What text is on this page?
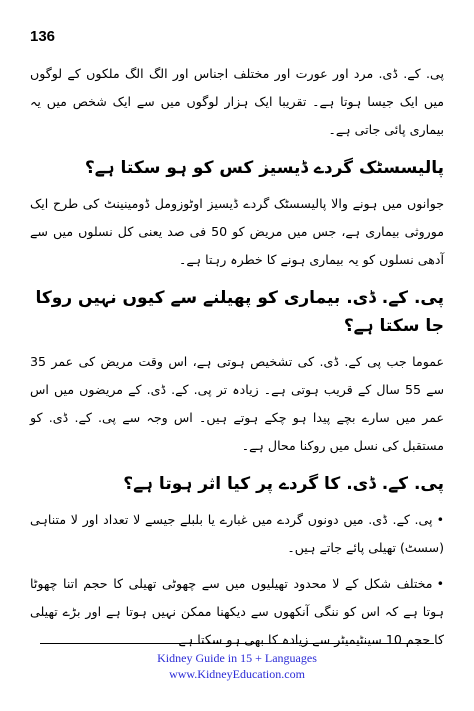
136

پی. کے. ڈی. مرد اور عورت اور مختلف اجناس اور الگ الگ ملکوں کے لوگوں میں ایک جیسا ہوتا ہے۔ تقریبا ایک ہزار لوگوں میں سے ایک شخص میں یہ بیماری پائی جاتی ہے۔

پالیسسٹک گردے ڈیسیز کس کو ہو سکتا ہے؟

جوانوں میں ہونے والا پالیسسٹک گردے ڈیسیز اوٹوزومل ڈومینینٹ کی طرح ایک موروثی بیماری ہے، جس میں مریض کو 50 فی صد یعنی کل نسلوں میں سے آدھی نسلوں کو یہ بیماری ہونے کا خطرہ رہتا ہے۔

پی. کے. ڈی. بیماری کو پھیلنے سے کیوں نہیں روکا جا سکتا ہے؟

عموما جب پی کے. ڈی. کی تشخیص ہوتی ہے، اس وقت مریض کی عمر 35 سے 55 سال کے قریب ہوتی ہے۔ زیادہ تر پی. کے. ڈی. کے مریضوں میں اس عمر میں سارے بچے پیدا ہو چکے ہوتے ہیں۔ اس وجہ سے پی. کے. ڈی. کو مستقبل کی نسل میں روکنا محال ہے۔

پی. کے. ڈی. کا گردے پر کیا اثر ہوتا ہے؟
•پی. کے. ڈی. میں دونوں گردے میں غبارے یا بلبلے جیسے لا تعداد اور لا متناہی (سسٹ) تھیلی پائے جاتے ہیں۔
•مختلف شکل کے لا محدود تھیلیوں میں سے چھوٹی تھیلی کا حجم اتنا چھوٹا ہوتا ہے کہ اس کو ننگی آنکھوں سے دیکھنا ممکن نہیں ہوتا ہے اور بڑے تھیلی کا حجم 10 سینٹیمیٹر سے زیادہ کا بھی ہو سکتا ہے۔
Kidney Guide in 15 + Languages
www.KidneyEducation.com
